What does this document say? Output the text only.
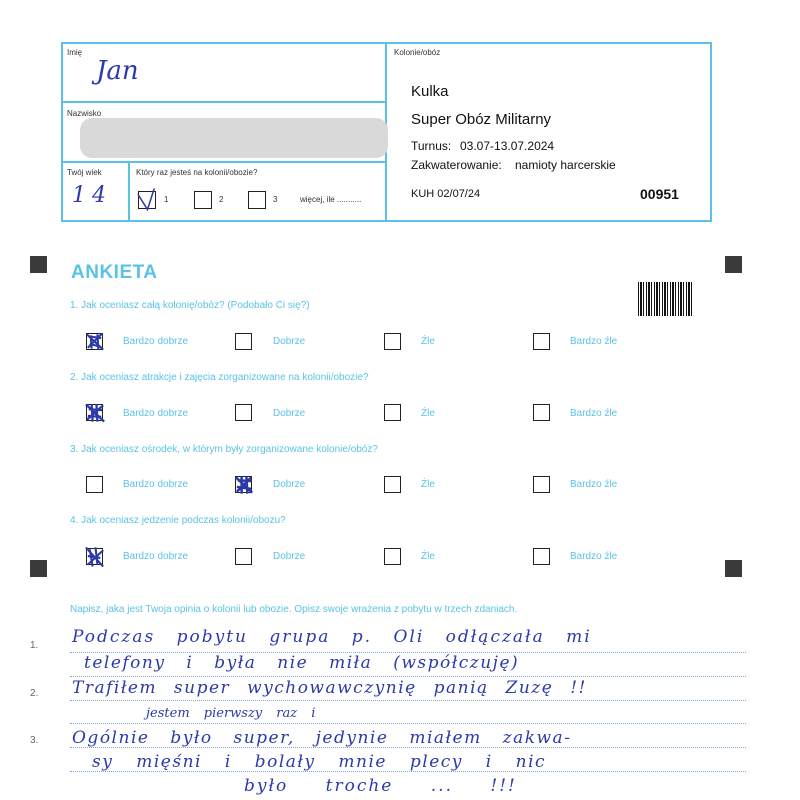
Imię
Jan
Nazwisko
Twój wiek
14
Który raz jesteś na kolonii/obozie?
1	2	3	więcej, ile ...........
Kolonie/obóz
Kulka
Super Obóz Militarny
Turnus: 03.07-13.07.2024
Zakwaterowanie: namioty harcerskie
KUH 02/07/24	00951
ANKIETA
1. Jak oceniasz całą kolonię/obóz? (Podobało Ci się?)
Bardzo dobrze	Dobrze	Źle	Bardzo źle
2. Jak oceniasz atrakcje i zajęcia zorganizowane na kolonii/obozie?
Bardzo dobrze	Dobrze	Źle	Bardzo źle
3. Jak oceniasz ośrodek, w którym były zorganizowane kolonie/obóz?
Bardzo dobrze	Dobrze	Źle	Bardzo źle
4. Jak oceniasz jedzenie podczas kolonii/obozu?
Bardzo dobrze	Dobrze	Źle	Bardzo źle
Napisz, jaka jest Twoja opinia o kolonii lub obozie. Opisz swoje wrażenia z pobytu w trzech zdaniach.
1.
2.
3.
Podczas pobytu grupa p. Oli odłączała mi
telefony i była nie miła (współczuję)
Trafiłem super wychowawczynię panią Zuzę !!
jestem pierwszy raz i
Ogólnie było super, jedynie miałem zakwa-
sy mięśni i bolały mnie plecy i nic
było troche ... !!!
